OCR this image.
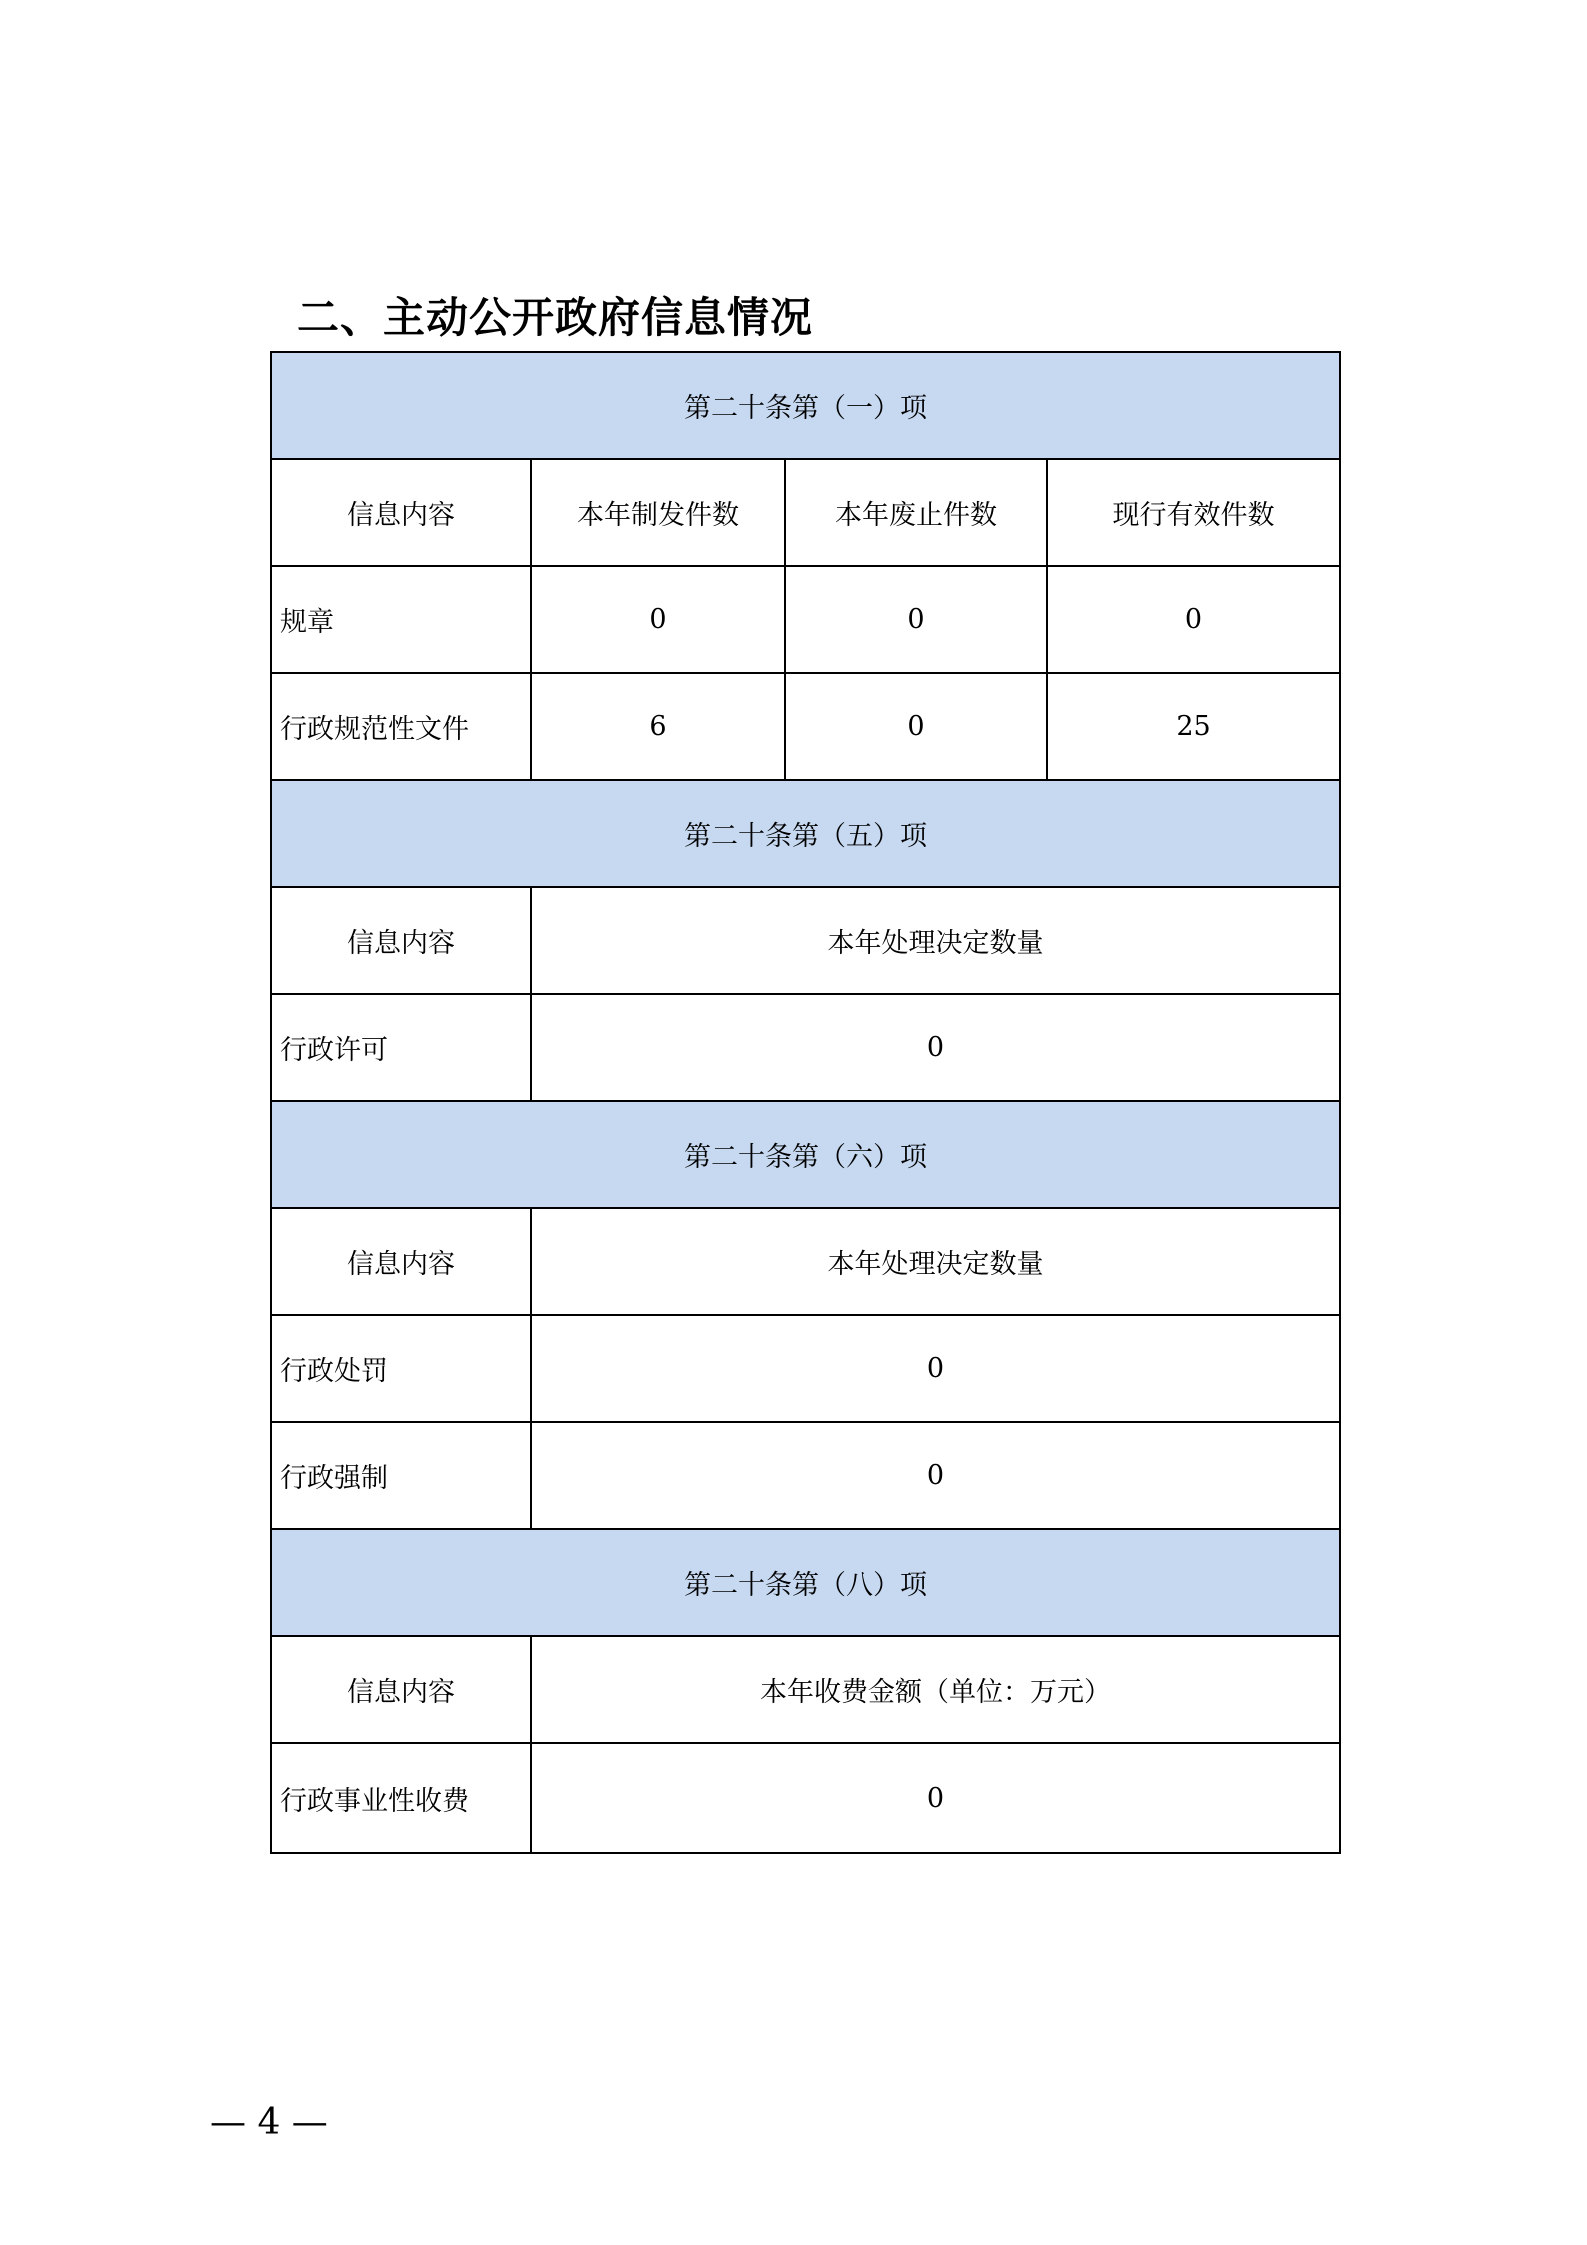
二、主动公开政府信息情况
第二十条第（一）项			
信息内容	本年制发件数	本年废止件数	现行有效件数
规章	0	0	0
行政规范性文件	6	0	25
第二十条第（五）项			
信息内容	本年处理决定数量		
行政许可	0		
第二十条第（六）项			
信息内容	本年处理决定数量		
行政处罚	0		
行政强制	0		
第二十条第（八）项			
信息内容	本年收费金额（单位：万元）		
行政事业性收费	0		
— 4 —
